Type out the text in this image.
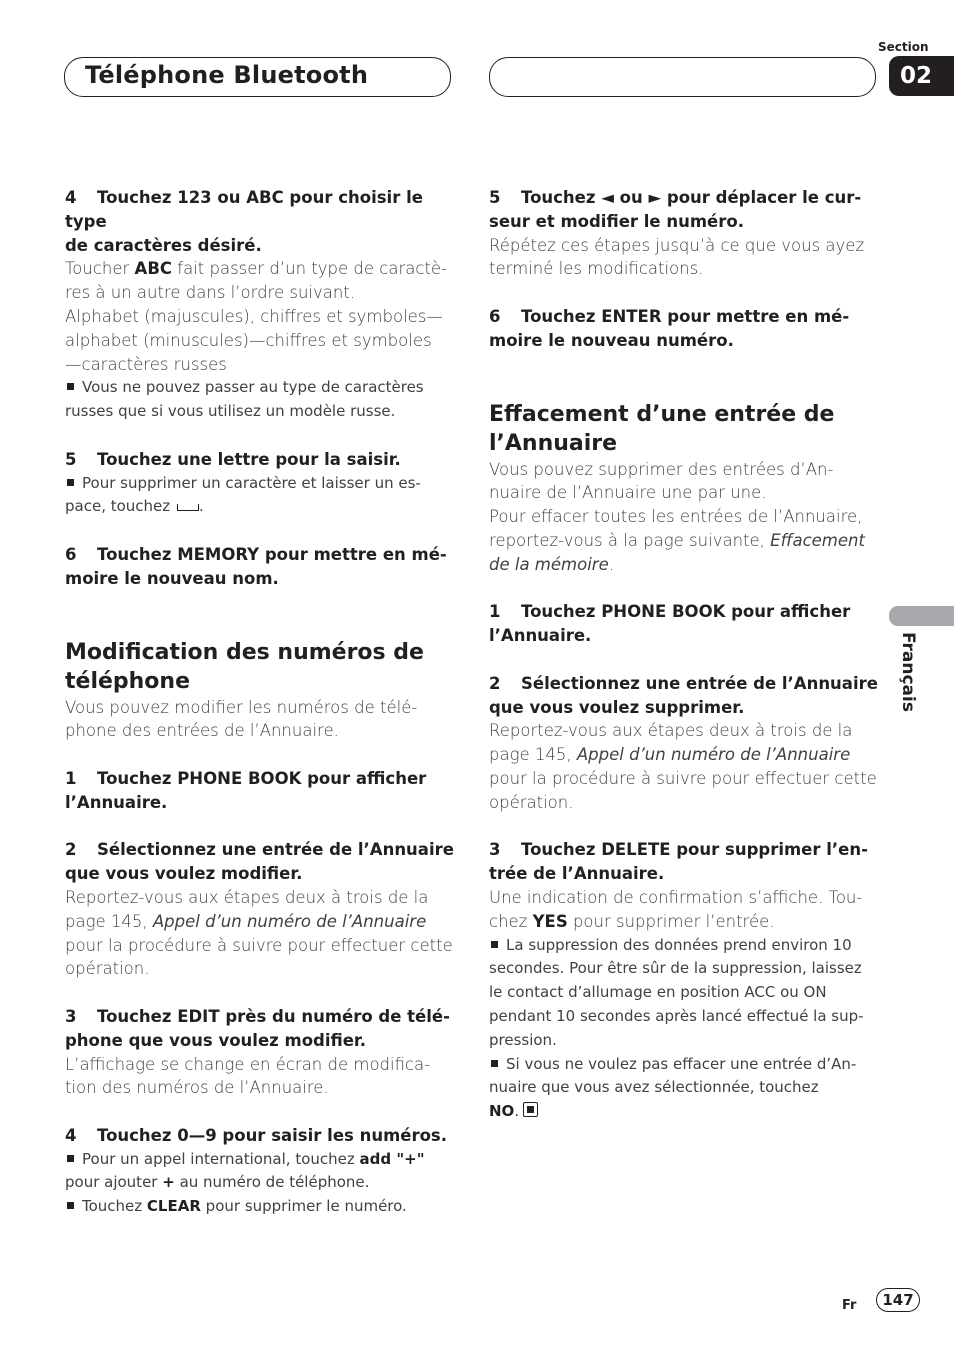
Téléphone Bluetooth
Section
02
Français

4 Touchez 123 ou ABC pour choisir le type

de caractères désiré.

Toucher ABC fait passer d’un type de caractè-

res à un autre dans l’ordre suivant.

Alphabet (majuscules), chiffres et symboles—

alphabet (minuscules)—chiffres et symboles

—caractères russes

Vous ne pouvez passer au type de caractères

russes que si vous utilisez un modèle russe.

5 Touchez une lettre pour la saisir.

Pour supprimer un caractère et laisser un es-

pace, touchez .

6 Touchez MEMORY pour mettre en mé-

moire le nouveau nom.

Modification des numéros de
téléphone

Vous pouvez modifier les numéros de télé-

phone des entrées de l’Annuaire.

1 Touchez PHONE BOOK pour afficher

l’Annuaire.

2 Sélectionnez une entrée de l’Annuaire

que vous voulez modifier.

Reportez-vous aux étapes deux à trois de la

page 145, Appel d’un numéro de l’Annuaire

pour la procédure à suivre pour effectuer cette

opération.

3 Touchez EDIT près du numéro de télé-

phone que vous voulez modifier.

L’affichage se change en écran de modifica-

tion des numéros de l’Annuaire.

4 Touchez 0—9 pour saisir les numéros.

Pour un appel international, touchez add "+"

pour ajouter + au numéro de téléphone.

Touchez CLEAR pour supprimer le numéro.

5 Touchez ◄ ou ► pour déplacer le cur-

seur et modifier le numéro.

Répétez ces étapes jusqu’à ce que vous ayez

terminé les modifications.

6 Touchez ENTER pour mettre en mé-

moire le nouveau numéro.

Effacement d’une entrée de
l’Annuaire

Vous pouvez supprimer des entrées d’An-

nuaire de l’Annuaire une par une.

Pour effacer toutes les entrées de l’Annuaire,

reportez-vous à la page suivante, Effacement

de la mémoire.

1 Touchez PHONE BOOK pour afficher

l’Annuaire.

2 Sélectionnez une entrée de l’Annuaire

que vous voulez supprimer.

Reportez-vous aux étapes deux à trois de la

page 145, Appel d’un numéro de l’Annuaire

pour la procédure à suivre pour effectuer cette

opération.

3 Touchez DELETE pour supprimer l’en-

trée de l’Annuaire.

Une indication de confirmation s’affiche. Tou-

chez YES pour supprimer l’entrée.

La suppression des données prend environ 10

secondes. Pour être sûr de la suppression, laissez

le contact d’allumage en position ACC ou ON

pendant 10 secondes après lancé effectué la sup-

pression.

Si vous ne voulez pas effacer une entrée d’An-

nuaire que vous avez sélectionnée, touchez

NO.

Fr	147
